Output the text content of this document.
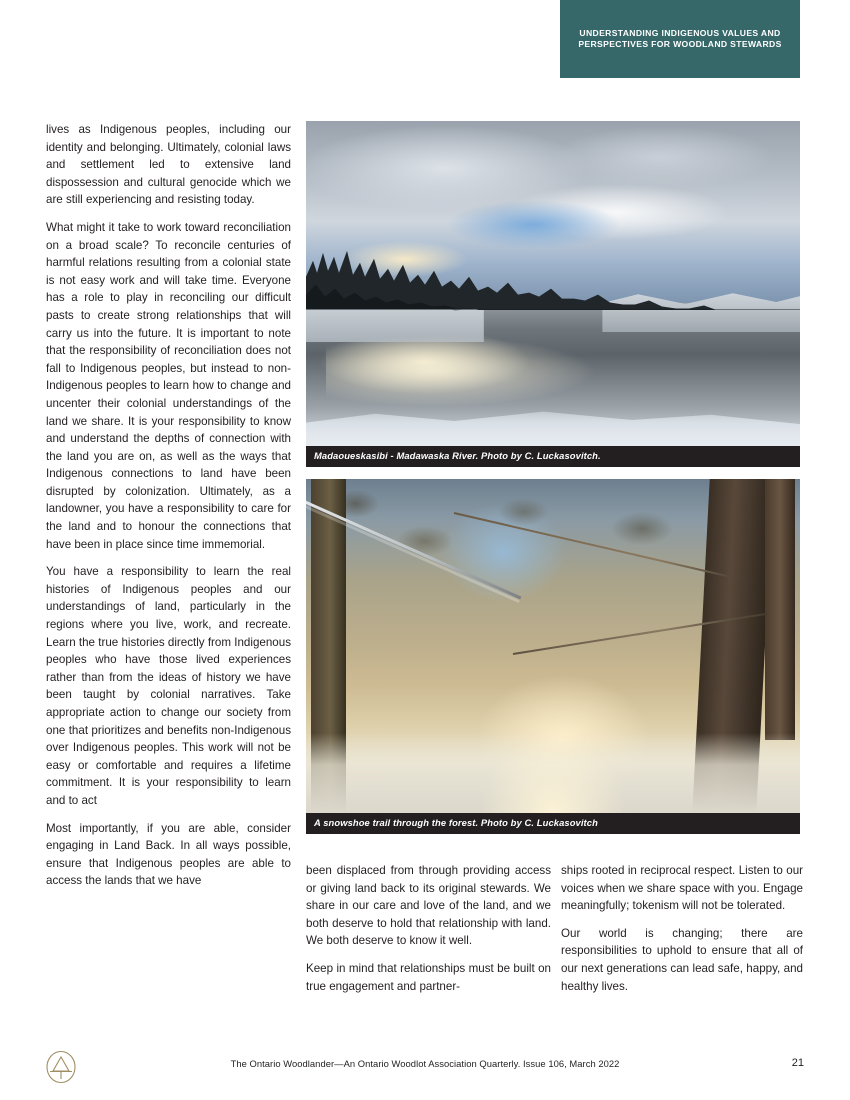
UNDERSTANDING INDIGENOUS VALUES AND PERSPECTIVES FOR WOODLAND STEWARDS

lives as Indigenous peoples, including our identity and belonging. Ultimately, colonial laws and settlement led to extensive land dispossession and cultural genocide which we are still experiencing and resisting today.

What might it take to work toward reconciliation on a broad scale? To reconcile centuries of harmful relations resulting from a colonial state is not easy work and will take time. Everyone has a role to play in reconciling our difficult pasts to create strong relationships that will carry us into the future. It is important to note that the responsibility of reconciliation does not fall to Indigenous peoples, but instead to non-Indigenous peoples to learn how to change and uncenter their colonial understandings of the land we share. It is your responsibility to know and understand the depths of connection with the land you are on, as well as the ways that Indigenous connections to land have been disrupted by colonization. Ultimately, as a landowner, you have a responsibility to care for the land and to honour the connections that have been in place since time immemorial.

You have a responsibility to learn the real histories of Indigenous peoples and our understandings of land, particularly in the regions where you live, work, and recreate. Learn the true histories directly from Indigenous peoples who have those lived experiences rather than from the ideas of history we have been taught by colonial narratives. Take appropriate action to change our society from one that prioritizes and benefits non-Indigenous over Indigenous peoples. This work will not be easy or comfortable and requires a lifetime commitment. It is your responsibility to learn and to act

Most importantly, if you are able, consider engaging in Land Back. In all ways possible, ensure that Indigenous peoples are able to access the lands that we have

Madaoueskasibi - Madawaska River. Photo by C. Luckasovitch.
A snowshoe trail through the forest. Photo by C. Luckasovitch

been displaced from through providing access or giving land back to its original stewards. We share in our care and love of the land, and we both deserve to hold that relationship with land. We both deserve to know it well.

Keep in mind that relationships must be built on true engagement and partner-

ships rooted in reciprocal respect. Listen to our voices when we share space with you. Engage meaningfully; tokenism will not be tolerated.

Our world is changing; there are responsibilities to uphold to ensure that all of our next generations can lead safe, happy, and healthy lives.

The Ontario Woodlander—An Ontario Woodlot Association Quarterly. Issue 106, March 2022	21
